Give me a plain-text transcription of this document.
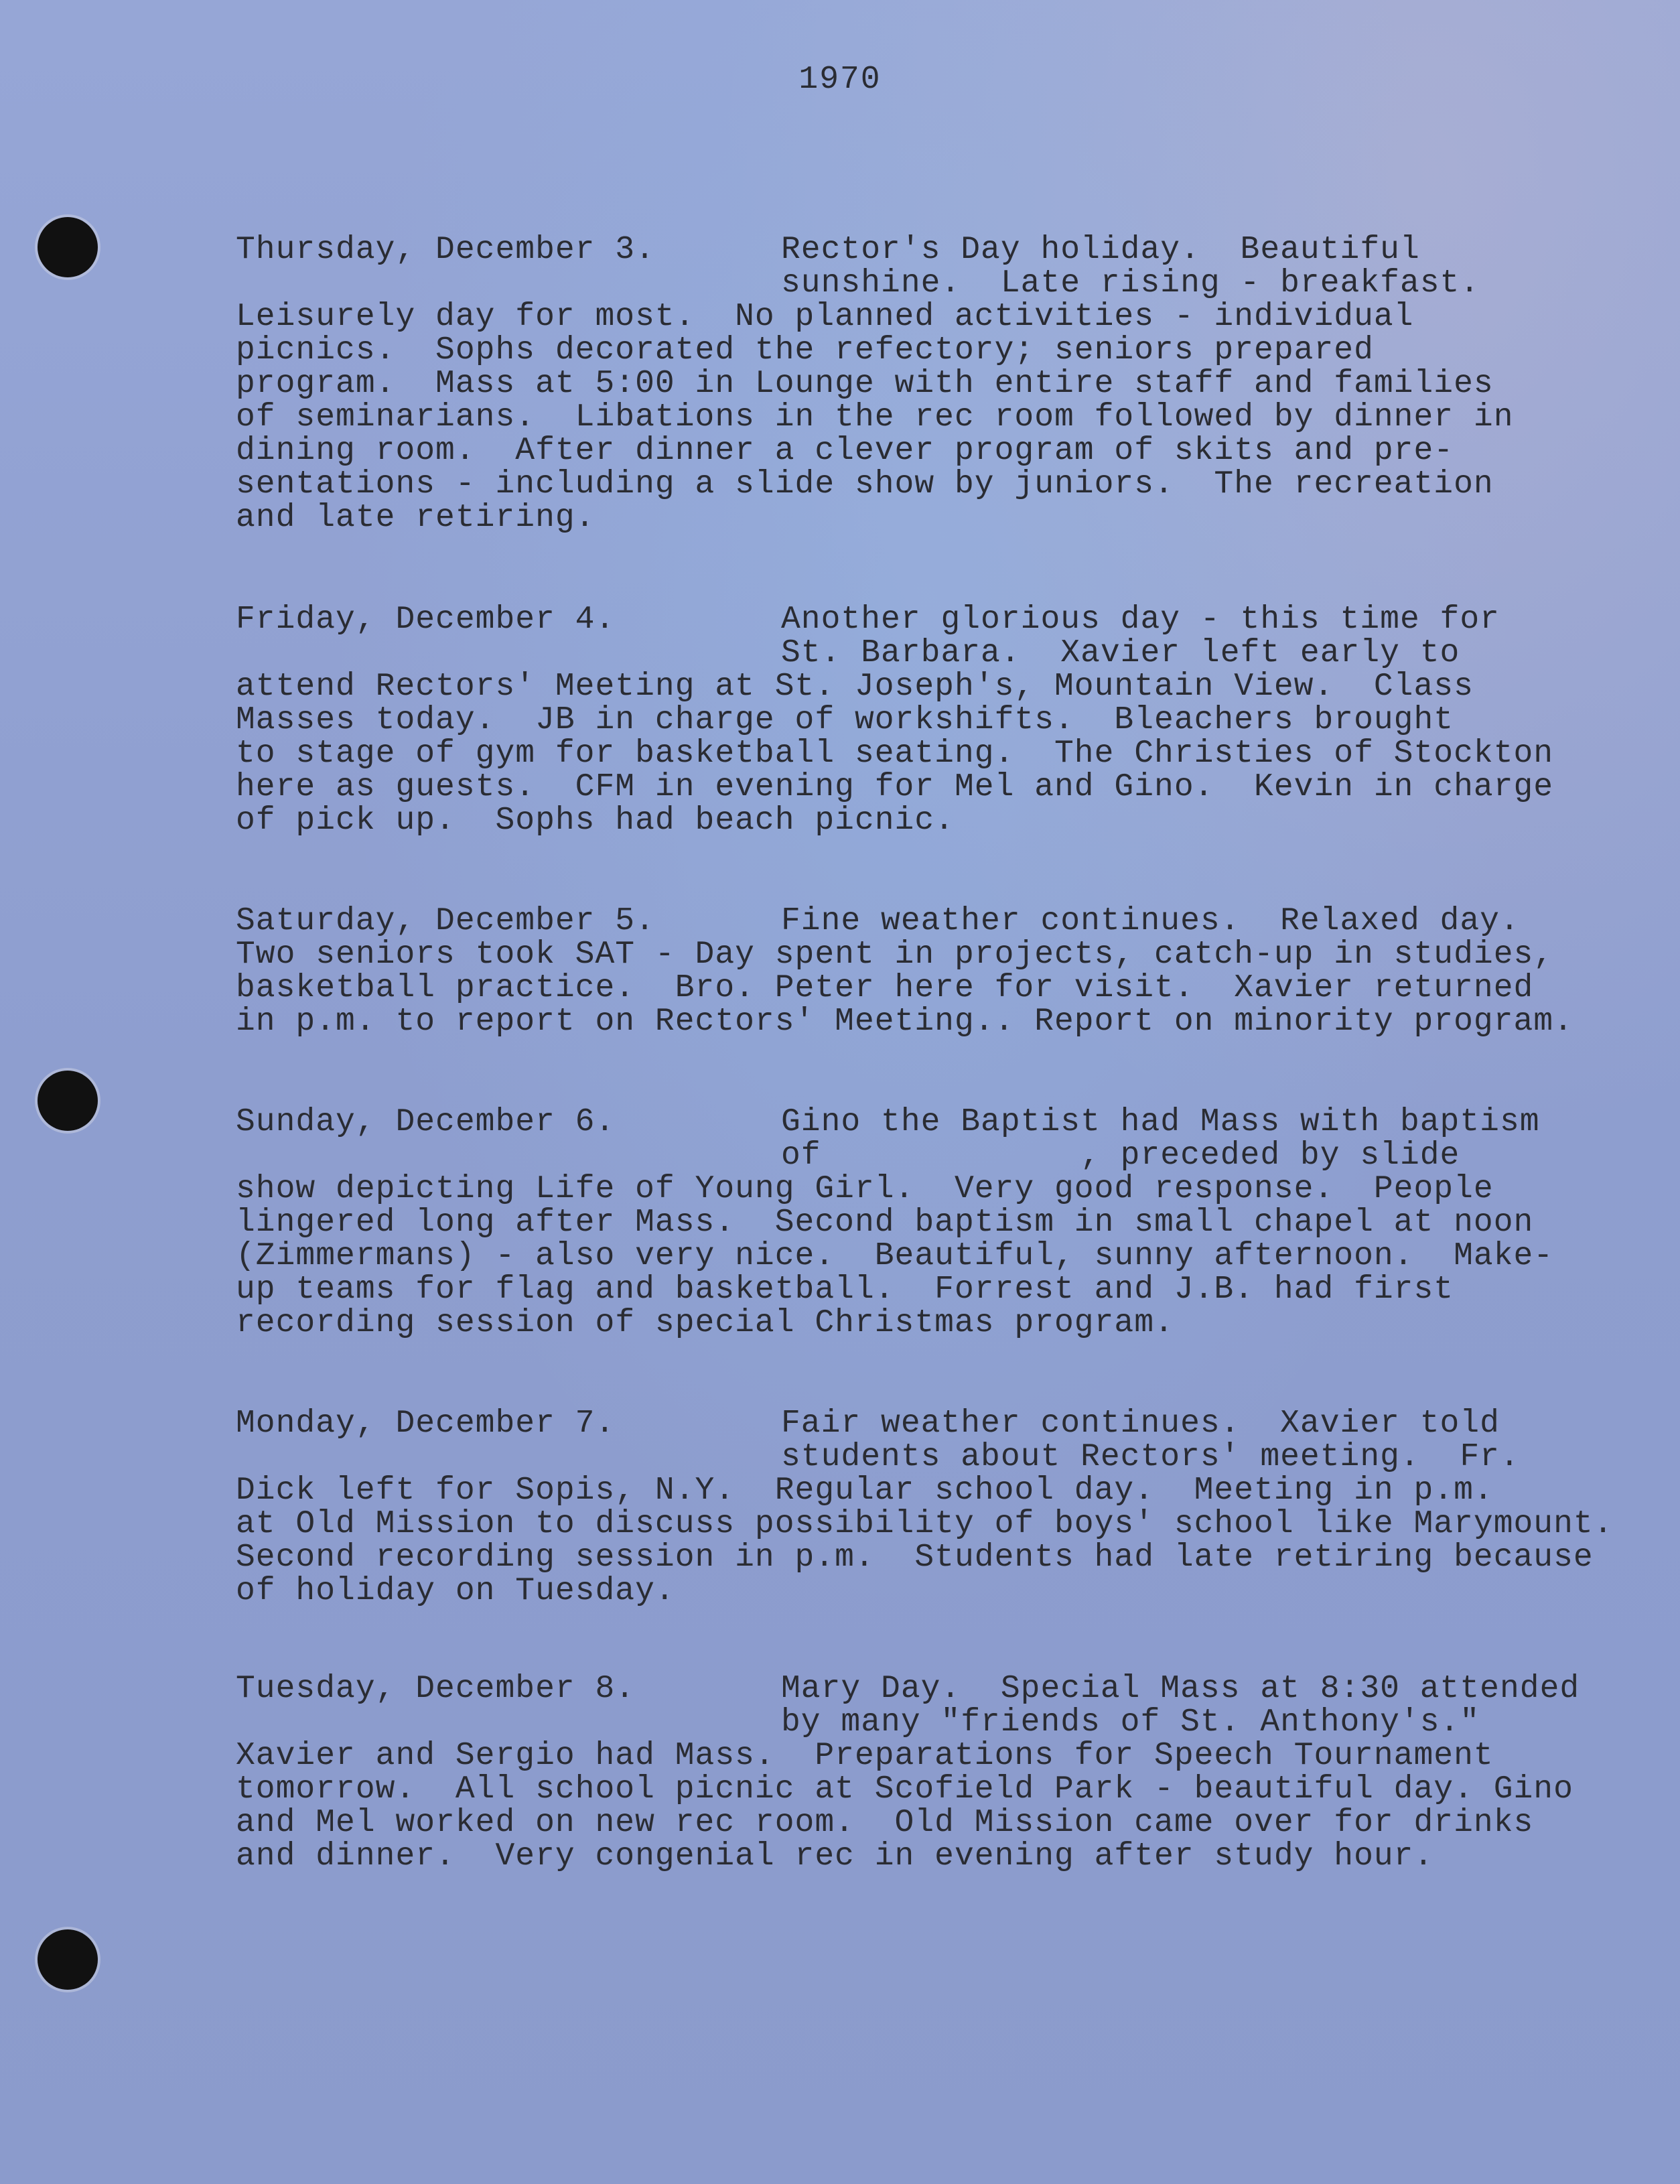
1970
Thursday, December 3.	Rector's Day holiday.  Beautiful
sunshine.  Late rising - breakfast.
Leisurely day for most.  No planned activities - individual
picnics.  Sophs decorated the refectory; seniors prepared
program.  Mass at 5:00 in Lounge with entire staff and families
of seminarians.  Libations in the rec room followed by dinner in
dining room.  After dinner a clever program of skits and pre-
sentations - including a slide show by juniors.  The recreation
and late retiring.
Friday, December 4.	Another glorious day - this time for
St. Barbara.  Xavier left early to
attend Rectors' Meeting at St. Joseph's, Mountain View.  Class
Masses today.  JB in charge of workshifts.  Bleachers brought
to stage of gym for basketball seating.  The Christies of Stockton
here as guests.  CFM in evening for Mel and Gino.  Kevin in charge
of pick up.  Sophs had beach picnic.
Saturday, December 5.	Fine weather continues.  Relaxed day.
Two seniors took SAT - Day spent in projects, catch-up in studies,
basketball practice.  Bro. Peter here for visit.  Xavier returned
in p.m. to report on Rectors' Meeting.. Report on minority program.
Sunday, December 6.	Gino the Baptist had Mass with baptism
of             , preceded by slide
show depicting Life of Young Girl.  Very good response.  People
lingered long after Mass.  Second baptism in small chapel at noon
(Zimmermans) - also very nice.  Beautiful, sunny afternoon.  Make-
up teams for flag and basketball.  Forrest and J.B. had first
recording session of special Christmas program.
Monday, December 7.	Fair weather continues.  Xavier told
students about Rectors' meeting.  Fr.
Dick left for Sopis, N.Y.  Regular school day.  Meeting in p.m.
at Old Mission to discuss possibility of boys' school like Marymount.
Second recording session in p.m.  Students had late retiring because
of holiday on Tuesday.
Tuesday, December 8.	Mary Day.  Special Mass at 8:30 attended
by many "friends of St. Anthony's."
Xavier and Sergio had Mass.  Preparations for Speech Tournament
tomorrow.  All school picnic at Scofield Park - beautiful day. Gino
and Mel worked on new rec room.  Old Mission came over for drinks
and dinner.  Very congenial rec in evening after study hour.
